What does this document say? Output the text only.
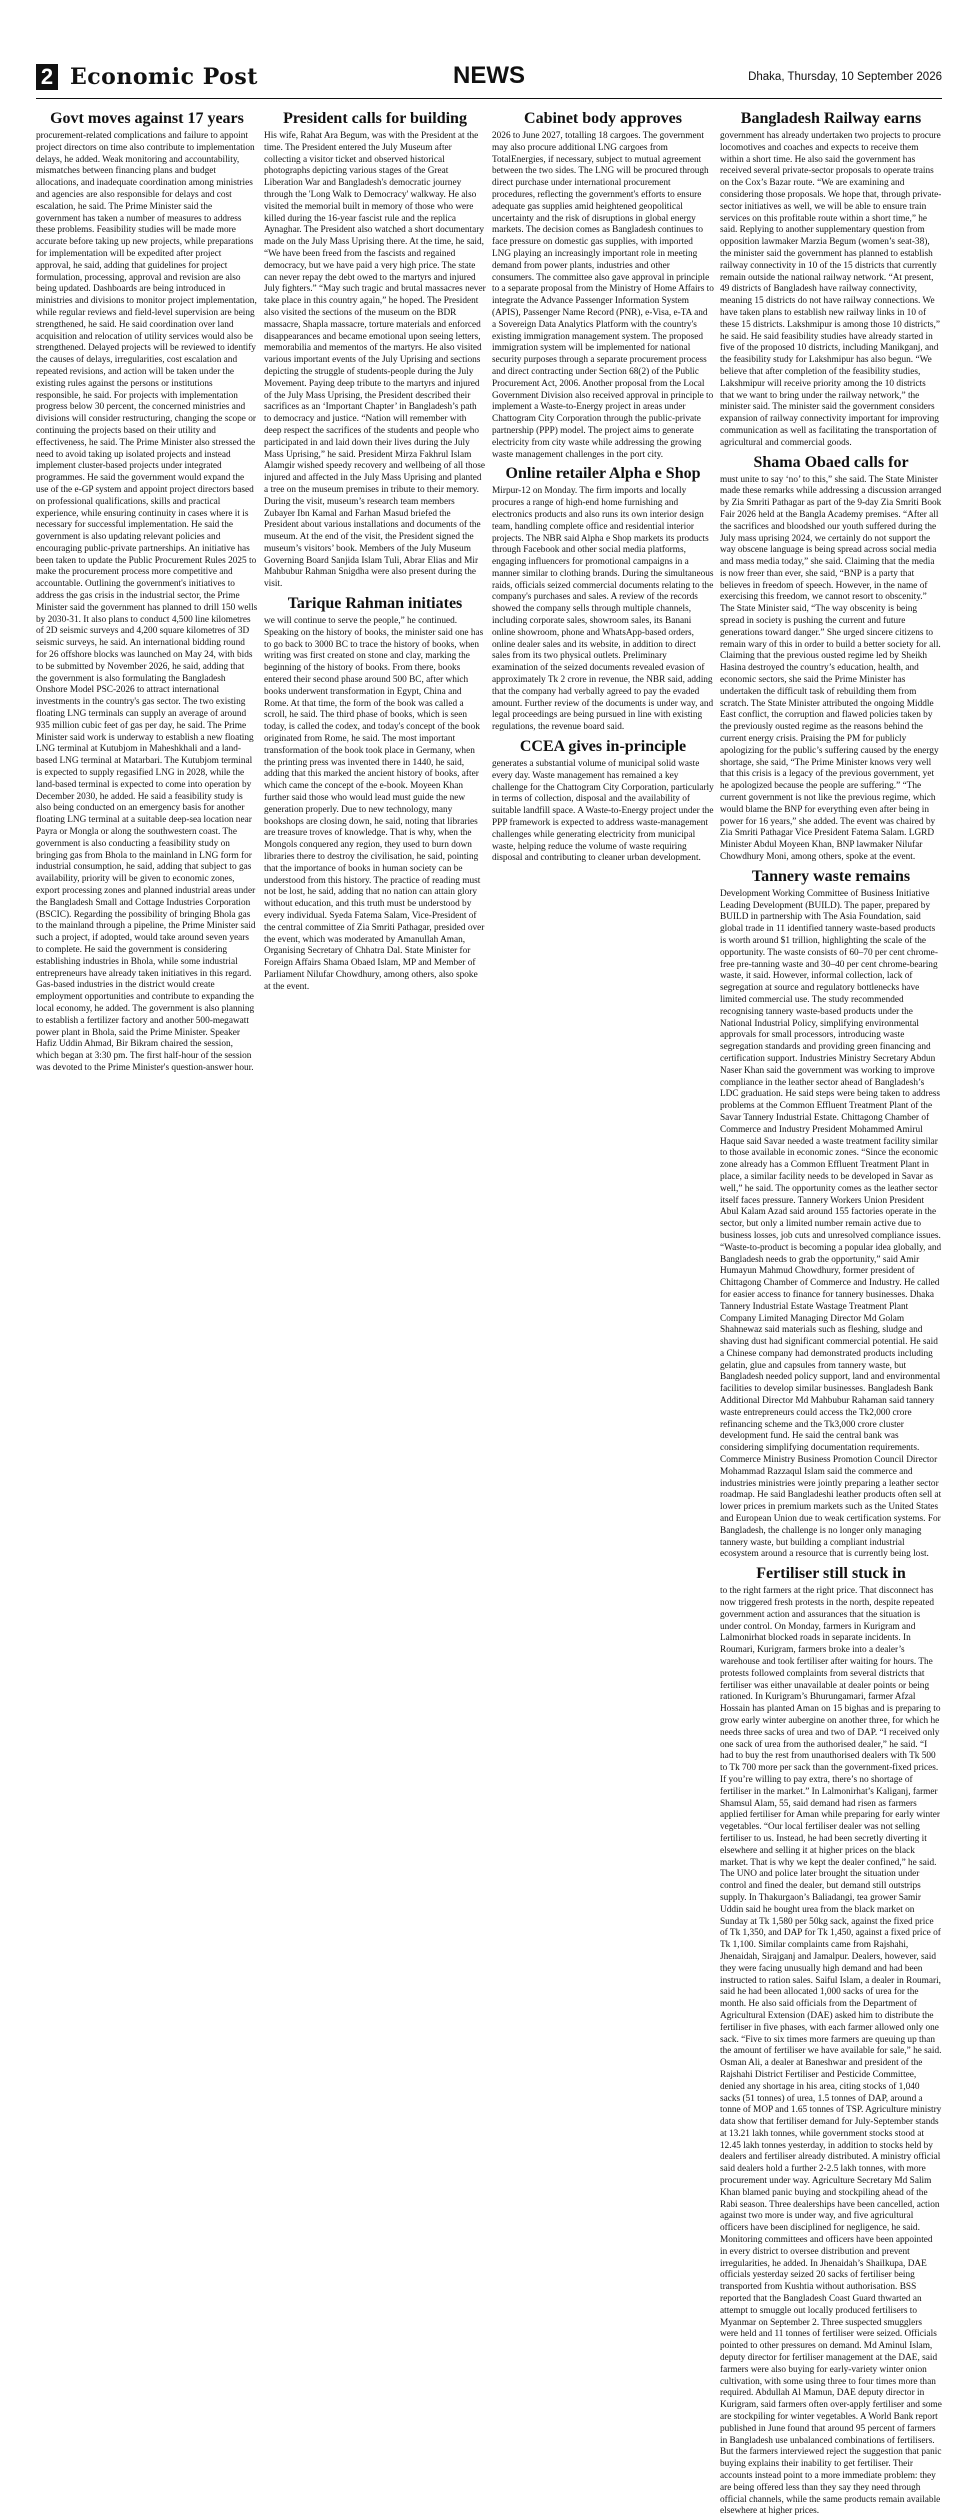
2 Economic Post	NEWS	Dhaka, Thursday, 10 September 2026
Govt moves against 17 years

procurement-related complications and failure to appoint project directors on time also contribute to implementation delays, he added. Weak monitoring and accountability, mismatches between financing plans and budget allocations, and inadequate coordination among ministries and agencies are also responsible for delays and cost escalation, he said. The Prime Minister said the government has taken a number of measures to address these problems. Feasibility studies will be made more accurate before taking up new projects, while preparations for implementation will be expedited after project approval, he said, adding that guidelines for project formulation, processing, approval and revision are also being updated. Dashboards are being introduced in ministries and divisions to monitor project implementation, while regular reviews and field-level supervision are being strengthened, he said. He said coordination over land acquisition and relocation of utility services would also be strengthened. Delayed projects will be reviewed to identify the causes of delays, irregularities, cost escalation and repeated revisions, and action will be taken under the existing rules against the persons or institutions responsible, he said. For projects with implementation progress below 30 percent, the concerned ministries and divisions will consider restructuring, changing the scope or continuing the projects based on their utility and effectiveness, he said. The Prime Minister also stressed the need to avoid taking up isolated projects and instead implement cluster-based projects under integrated programmes. He said the government would expand the use of the e-GP system and appoint project directors based on professional qualifications, skills and practical experience, while ensuring continuity in cases where it is necessary for successful implementation. He said the government is also updating relevant policies and encouraging public-private partnerships. An initiative has been taken to update the Public Procurement Rules 2025 to make the procurement process more competitive and accountable. Outlining the government's initiatives to address the gas crisis in the industrial sector, the Prime Minister said the government has planned to drill 150 wells by 2030-31. It also plans to conduct 4,500 line kilometres of 2D seismic surveys and 4,200 square kilometres of 3D seismic surveys, he said. An international bidding round for 26 offshore blocks was launched on May 24, with bids to be submitted by November 2026, he said, adding that the government is also formulating the Bangladesh Onshore Model PSC-2026 to attract international investments in the country's gas sector. The two existing floating LNG terminals can supply an average of around 935 million cubic feet of gas per day, he said. The Prime Minister said work is underway to establish a new floating LNG terminal at Kutubjom in Maheshkhali and a land-based LNG terminal at Matarbari. The Kutubjom terminal is expected to supply regasified LNG in 2028, while the land-based terminal is expected to come into operation by December 2030, he added. He said a feasibility study is also being conducted on an emergency basis for another floating LNG terminal at a suitable deep-sea location near Payra or Mongla or along the southwestern coast. The government is also conducting a feasibility study on bringing gas from Bhola to the mainland in LNG form for industrial consumption, he said, adding that subject to gas availability, priority will be given to economic zones, export processing zones and planned industrial areas under the Bangladesh Small and Cottage Industries Corporation (BSCIC). Regarding the possibility of bringing Bhola gas to the mainland through a pipeline, the Prime Minister said such a project, if adopted, would take around seven years to complete. He said the government is considering establishing industries in Bhola, while some industrial entrepreneurs have already taken initiatives in this regard. Gas-based industries in the district would create employment opportunities and contribute to expanding the local economy, he added. The government is also planning to establish a fertilizer factory and another 500-megawatt power plant in Bhola, said the Prime Minister. Speaker Hafiz Uddin Ahmad, Bir Bikram chaired the session, which began at 3:30 pm. The first half-hour of the session was devoted to the Prime Minister's question-answer hour.

President calls for building

His wife, Rahat Ara Begum, was with the President at the time. The President entered the July Museum after collecting a visitor ticket and observed historical photographs depicting various stages of the Great Liberation War and Bangladesh's democratic journey through the 'Long Walk to Democracy' walkway. He also visited the memorial built in memory of those who were killed during the 16-year fascist rule and the replica Aynaghar. The President also watched a short documentary made on the July Mass Uprising there. At the time, he said, “We have been freed from the fascists and regained democracy, but we have paid a very high price. The state can never repay the debt owed to the martyrs and injured July fighters.” “May such tragic and brutal massacres never take place in this country again,” he hoped. The President also visited the sections of the museum on the BDR massacre, Shapla massacre, torture materials and enforced disappearances and became emotional upon seeing letters, memorabilia and mementos of the martyrs. He also visited various important events of the July Uprising and sections depicting the struggle of students-people during the July Movement. Paying deep tribute to the martyrs and injured of the July Mass Uprising, the President described their sacrifices as an ‘Important Chapter’ in Bangladesh’s path to democracy and justice. “Nation will remember with deep respect the sacrifices of the students and people who participated in and laid down their lives during the July Mass Uprising,” he said. President Mirza Fakhrul Islam Alamgir wished speedy recovery and wellbeing of all those injured and affected in the July Mass Uprising and planted a tree on the museum premises in tribute to their memory. During the visit, museum’s research team members Zubayer Ibn Kamal and Farhan Masud briefed the President about various installations and documents of the museum. At the end of the visit, the President signed the museum’s visitors’ book. Members of the July Museum Governing Board Sanjida Islam Tuli, Abrar Elias and Mir Mahbubur Rahman Snigdha were also present during the visit.

Tarique Rahman initiates

we will continue to serve the people,” he continued. Speaking on the history of books, the minister said one has to go back to 3000 BC to trace the history of books, when writing was first created on stone and clay, marking the beginning of the history of books. From there, books entered their second phase around 500 BC, after which books underwent transformation in Egypt, China and Rome. At that time, the form of the book was called a scroll, he said. The third phase of books, which is seen today, is called the codex, and today's concept of the book originated from Rome, he said. The most important transformation of the book took place in Germany, when the printing press was invented there in 1440, he said, adding that this marked the ancient history of books, after which came the concept of the e-book. Moyeen Khan further said those who would lead must guide the new generation properly. Due to new technology, many bookshops are closing down, he said, noting that libraries are treasure troves of knowledge. That is why, when the Mongols conquered any region, they used to burn down libraries there to destroy the civilisation, he said, pointing that the importance of books in human society can be understood from this history. The practice of reading must not be lost, he said, adding that no nation can attain glory without education, and this truth must be understood by every individual. Syeda Fatema Salam, Vice-President of the central committee of Zia Smriti Pathagar, presided over the event, which was moderated by Amanullah Aman, Organising Secretary of Chhatra Dal. State Minister for Foreign Affairs Shama Obaed Islam, MP and Member of Parliament Nilufar Chowdhury, among others, also spoke at the event.

Cabinet body approves

2026 to June 2027, totalling 18 cargoes. The government may also procure additional LNG cargoes from TotalEnergies, if necessary, subject to mutual agreement between the two sides. The LNG will be procured through direct purchase under international procurement procedures, reflecting the government's efforts to ensure adequate gas supplies amid heightened geopolitical uncertainty and the risk of disruptions in global energy markets. The decision comes as Bangladesh continues to face pressure on domestic gas supplies, with imported LNG playing an increasingly important role in meeting demand from power plants, industries and other consumers. The committee also gave approval in principle to a separate proposal from the Ministry of Home Affairs to integrate the Advance Passenger Information System (APIS), Passenger Name Record (PNR), e-Visa, e-TA and a Sovereign Data Analytics Platform with the country's existing immigration management system. The proposed immigration system will be implemented for national security purposes through a separate procurement process and direct contracting under Section 68(2) of the Public Procurement Act, 2006. Another proposal from the Local Government Division also received approval in principle to implement a Waste-to-Energy project in areas under Chattogram City Corporation through the public-private partnership (PPP) model. The project aims to generate electricity from city waste while addressing the growing waste management challenges in the port city.

Online retailer Alpha e Shop

Mirpur-12 on Monday. The firm imports and locally procures a range of high-end home furnishing and electronics products and also runs its own interior design team, handling complete office and residential interior projects. The NBR said Alpha e Shop markets its products through Facebook and other social media platforms, engaging influencers for promotional campaigns in a manner similar to clothing brands. During the simultaneous raids, officials seized commercial documents relating to the company's purchases and sales. A review of the records showed the company sells through multiple channels, including corporate sales, showroom sales, its Banani online showroom, phone and WhatsApp-based orders, online dealer sales and its website, in addition to direct sales from its two physical outlets. Preliminary examination of the seized documents revealed evasion of approximately Tk 2 crore in revenue, the NBR said, adding that the company had verbally agreed to pay the evaded amount. Further review of the documents is under way, and legal proceedings are being pursued in line with existing regulations, the revenue board said.

CCEA gives in-principle

generates a substantial volume of municipal solid waste every day. Waste management has remained a key challenge for the Chattogram City Corporation, particularly in terms of collection, disposal and the availability of suitable landfill space. A Waste-to-Energy project under the PPP framework is expected to address waste-management challenges while generating electricity from municipal waste, helping reduce the volume of waste requiring disposal and contributing to cleaner urban development.

Bangladesh Railway earns

government has already undertaken two projects to procure locomotives and coaches and expects to receive them within a short time. He also said the government has received several private-sector proposals to operate trains on the Cox’s Bazar route. “We are examining and considering those proposals. We hope that, through private-sector initiatives as well, we will be able to ensure train services on this profitable route within a short time,” he said. Replying to another supplementary question from opposition lawmaker Marzia Begum (women’s seat-38), the minister said the government has planned to establish railway connectivity in 10 of the 15 districts that currently remain outside the national railway network. “At present, 49 districts of Bangladesh have railway connectivity, meaning 15 districts do not have railway connections. We have taken plans to establish new railway links in 10 of these 15 districts. Lakshmipur is among those 10 districts,” he said. He said feasibility studies have already started in five of the proposed 10 districts, including Manikganj, and the feasibility study for Lakshmipur has also begun. “We believe that after completion of the feasibility studies, Lakshmipur will receive priority among the 10 districts that we want to bring under the railway network,” the minister said. The minister said the government considers expansion of railway connectivity important for improving communication as well as facilitating the transportation of agricultural and commercial goods.

Shama Obaed calls for

must unite to say ‘no’ to this,” she said. The State Minister made these remarks while addressing a discussion arranged by Zia Smriti Pathagar as part of the 9-day Zia Smriti Book Fair 2026 held at the Bangla Academy premises. “After all the sacrifices and bloodshed our youth suffered during the July mass uprising 2024, we certainly do not support the way obscene language is being spread across social media and mass media today,” she said. Claiming that the media is now freer than ever, she said, “BNP is a party that believes in freedom of speech. However, in the name of exercising this freedom, we cannot resort to obscenity.” The State Minister said, “The way obscenity is being spread in society is pushing the current and future generations toward danger.” She urged sincere citizens to remain wary of this in order to build a better society for all. Claiming that the previous ousted regime led by Sheikh Hasina destroyed the country’s education, health, and economic sectors, she said the Prime Minister has undertaken the difficult task of rebuilding them from scratch. The State Minister attributed the ongoing Middle East conflict, the corruption and flawed policies taken by the previously ousted regime as the reasons behind the current energy crisis. Praising the PM for publicly apologizing for the public’s suffering caused by the energy shortage, she said, “The Prime Minister knows very well that this crisis is a legacy of the previous government, yet he apologized because the people are suffering.” “The current government is not like the previous regime, which would blame the BNP for everything even after being in power for 16 years,” she added. The event was chaired by Zia Smriti Pathagar Vice President Fatema Salam. LGRD Minister Abdul Moyeen Khan, BNP lawmaker Nilufar Chowdhury Moni, among others, spoke at the event.

Tannery waste remains

Development Working Committee of Business Initiative Leading Development (BUILD). The paper, prepared by BUILD in partnership with The Asia Foundation, said global trade in 11 identified tannery waste-based products is worth around $1 trillion, highlighting the scale of the opportunity. The waste consists of 60–70 per cent chrome-free pre-tanning waste and 30–40 per cent chrome-bearing waste, it said. However, informal collection, lack of segregation at source and regulatory bottlenecks have limited commercial use. The study recommended recognising tannery waste-based products under the National Industrial Policy, simplifying environmental approvals for small processors, introducing waste segregation standards and providing green financing and certification support. Industries Ministry Secretary Abdun Naser Khan said the government was working to improve compliance in the leather sector ahead of Bangladesh’s LDC graduation. He said steps were being taken to address problems at the Common Effluent Treatment Plant of the Savar Tannery Industrial Estate. Chittagong Chamber of Commerce and Industry President Mohammed Amirul Haque said Savar needed a waste treatment facility similar to those available in economic zones. “Since the economic zone already has a Common Effluent Treatment Plant in place, a similar facility needs to be developed in Savar as well,” he said. The opportunity comes as the leather sector itself faces pressure. Tannery Workers Union President Abul Kalam Azad said around 155 factories operate in the sector, but only a limited number remain active due to business losses, job cuts and unresolved compliance issues. “Waste-to-product is becoming a popular idea globally, and Bangladesh needs to grab the opportunity,” said Amir Humayun Mahmud Chowdhury, former president of Chittagong Chamber of Commerce and Industry. He called for easier access to finance for tannery businesses. Dhaka Tannery Industrial Estate Wastage Treatment Plant Company Limited Managing Director Md Golam Shahnewaz said materials such as fleshing, sludge and shaving dust had significant commercial potential. He said a Chinese company had demonstrated products including gelatin, glue and capsules from tannery waste, but Bangladesh needed policy support, land and environmental facilities to develop similar businesses. Bangladesh Bank Additional Director Md Mahbubur Rahaman said tannery waste entrepreneurs could access the Tk2,000 crore refinancing scheme and the Tk3,000 crore cluster development fund. He said the central bank was considering simplifying documentation requirements. Commerce Ministry Business Promotion Council Director Mohammad Razzaqul Islam said the commerce and industries ministries were jointly preparing a leather sector roadmap. He said Bangladeshi leather products often sell at lower prices in premium markets such as the United States and European Union due to weak certification systems. For Bangladesh, the challenge is no longer only managing tannery waste, but building a compliant industrial ecosystem around a resource that is currently being lost.

Fertiliser still stuck in

to the right farmers at the right price. That disconnect has now triggered fresh protests in the north, despite repeated government action and assurances that the situation is under control. On Monday, farmers in Kurigram and Lalmonirhat blocked roads in separate incidents. In Roumari, Kurigram, farmers broke into a dealer’s warehouse and took fertiliser after waiting for hours. The protests followed complaints from several districts that fertiliser was either unavailable at dealer points or being rationed. In Kurigram’s Bhurungamari, farmer Afzal Hossain has planted Aman on 15 bighas and is preparing to grow early winter aubergine on another three, for which he needs three sacks of urea and two of DAP. “I received only one sack of urea from the authorised dealer,” he said. “I had to buy the rest from unauthorised dealers with Tk 500 to Tk 700 more per sack than the government-fixed prices. If you’re willing to pay extra, there’s no shortage of fertiliser in the market.” In Lalmonirhat’s Kaliganj, farmer Shamsul Alam, 55, said demand had risen as farmers applied fertiliser for Aman while preparing for early winter vegetables. “Our local fertiliser dealer was not selling fertiliser to us. Instead, he had been secretly diverting it elsewhere and selling it at higher prices on the black market. That is why we kept the dealer confined,” he said. The UNO and police later brought the situation under control and fined the dealer, but demand still outstrips supply. In Thakurgaon’s Baliadangi, tea grower Samir Uddin said he bought urea from the black market on Sunday at Tk 1,580 per 50kg sack, against the fixed price of Tk 1,350, and DAP for Tk 1,450, against a fixed price of Tk 1,100. Similar complaints came from Rajshahi, Jhenaidah, Sirajganj and Jamalpur. Dealers, however, said they were facing unusually high demand and had been instructed to ration sales. Saiful Islam, a dealer in Roumari, said he had been allocated 1,000 sacks of urea for the month. He also said officials from the Department of Agricultural Extension (DAE) asked him to distribute the fertiliser in five phases, with each farmer allowed only one sack. “Five to six times more farmers are queuing up than the amount of fertiliser we have available for sale,” he said. Osman Ali, a dealer at Baneshwar and president of the Rajshahi District Fertiliser and Pesticide Committee, denied any shortage in his area, citing stocks of 1,040 sacks (51 tonnes) of urea, 1.5 tonnes of DAP, around a tonne of MOP and 1.65 tonnes of TSP. Agriculture ministry data show that fertiliser demand for July-September stands at 13.21 lakh tonnes, while government stocks stood at 12.45 lakh tonnes yesterday, in addition to stocks held by dealers and fertiliser already distributed. A ministry official said dealers hold a further 2-2.5 lakh tonnes, with more procurement under way. Agriculture Secretary Md Salim Khan blamed panic buying and stockpiling ahead of the Rabi season. Three dealerships have been cancelled, action against two more is under way, and five agricultural officers have been disciplined for negligence, he said. Monitoring committees and officers have been appointed in every district to oversee distribution and prevent irregularities, he added. In Jhenaidah’s Shailkupa, DAE officials yesterday seized 20 sacks of fertiliser being transported from Kushtia without authorisation. BSS reported that the Bangladesh Coast Guard thwarted an attempt to smuggle out locally produced fertilisers to Myanmar on September 2. Three suspected smugglers were held and 11 tonnes of fertiliser were seized. Officials pointed to other pressures on demand. Md Aminul Islam, deputy director for fertiliser management at the DAE, said farmers were also buying for early-variety winter onion cultivation, with some using three to four times more than required. Abdullah Al Mamun, DAE deputy director in Kurigram, said farmers often over-apply fertiliser and some are stockpiling for winter vegetables. A World Bank report published in June found that around 95 percent of farmers in Bangladesh use unbalanced combinations of fertilisers. But the farmers interviewed reject the suggestion that panic buying explains their inability to get fertiliser. Their accounts instead point to a more immediate problem: they are being offered less than they say they need through official channels, while the same products remain available elsewhere at higher prices.
